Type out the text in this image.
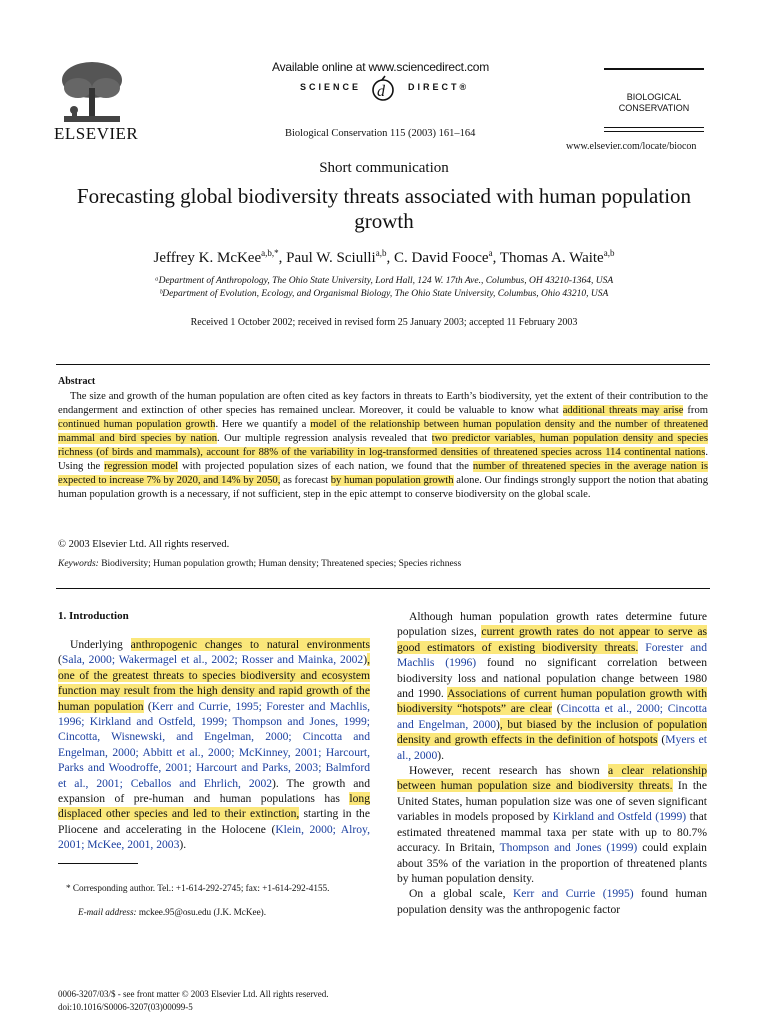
ELSEVIER
Available online at www.sciencedirect.com
SCIENCE	DIRECT®
d
Biological Conservation 115 (2003) 161–164
BIOLOGICAL
CONSERVATION
www.elsevier.com/locate/biocon
Short communication
Forecasting global biodiversity threats associated with human population growth
Jeffrey K. McKee$^{a,b,*}$, Paul W. Sciulli$^{a,b}$, C. David Fooce$^a$, Thomas A. Waite$^{a,b}$
ᵃDepartment of Anthropology, The Ohio State University, Lord Hall, 124 W. 17th Ave., Columbus, OH 43210-1364, USA
ᵇDepartment of Evolution, Ecology, and Organismal Biology, The Ohio State University, Columbus, Ohio 43210, USA
Received 1 October 2002; received in revised form 25 January 2003; accepted 11 February 2003
Abstract
The size and growth of the human population are often cited as key factors in threats to Earth’s biodiversity, yet the extent of their contribution to the endangerment and extinction of other species has remained unclear. Moreover, it could be valuable to know what additional threats may arise from continued human population growth. Here we quantify a model of the relationship between human population density and the number of threatened mammal and bird species by nation. Our multiple regression analysis revealed that two predictor variables, human population density and species richness (of birds and mammals), account for 88% of the variability in log-transformed densities of threatened species across 114 continental nations. Using the regression model with projected population sizes of each nation, we found that the number of threatened species in the average nation is expected to increase 7% by 2020, and 14% by 2050, as forecast by human population growth alone. Our findings strongly support the notion that abating human population growth is a necessary, if not sufficient, step in the epic attempt to conserve biodiversity on the global scale.
© 2003 Elsevier Ltd. All rights reserved.
Keywords: Biodiversity; Human population growth; Human density; Threatened species; Species richness
1. Introduction

Underlying anthropogenic changes to natural environments (Sala, 2000; Wakermagel et al., 2002; Rosser and Mainka, 2002), one of the greatest threats to species biodiversity and ecosystem function may result from the high density and rapid growth of the human population (Kerr and Currie, 1995; Forester and Machlis, 1996; Kirkland and Ostfeld, 1999; Thompson and Jones, 1999; Cincotta, Wisnewski, and Engelman, 2000; Cincotta and Engelman, 2000; Abbitt et al., 2000; McKinney, 2001; Harcourt, Parks and Woodroffe, 2001; Harcourt and Parks, 2003; Balmford et al., 2001; Ceballos and Ehrlich, 2002). The growth and expansion of pre-human and human populations has long displaced other species and led to their extinction, starting in the Pliocene and accelerating in the Holocene (Klein, 2000; Alroy, 2001; McKee, 2001, 2003).

* Corresponding author. Tel.: +1-614-292-2745; fax: +1-614-292-4155.
E-mail address: mckee.95@osu.edu (J.K. McKee).
0006-3207/03/$ - see front matter © 2003 Elsevier Ltd. All rights reserved.
doi:10.1016/S0006-3207(03)00099-5

Although human population growth rates determine future population sizes, current growth rates do not appear to serve as good estimators of existing biodiversity threats. Forester and Machlis (1996) found no significant correlation between biodiversity loss and national population change between 1980 and 1990. Associations of current human population growth with biodiversity “hotspots” are clear (Cincotta et al., 2000; Cincotta and Engelman, 2000), but biased by the inclusion of population density and growth effects in the definition of hotspots (Myers et al., 2000).

However, recent research has shown a clear relationship between human population size and biodiversity threats. In the United States, human population size was one of seven significant variables in models proposed by Kirkland and Ostfeld (1999) that estimated threatened mammal taxa per state with up to 80.7% accuracy. In Britain, Thompson and Jones (1999) could explain about 35% of the variation in the proportion of threatened plants by human population density.

On a global scale, Kerr and Currie (1995) found human population density was the anthropogenic factor
